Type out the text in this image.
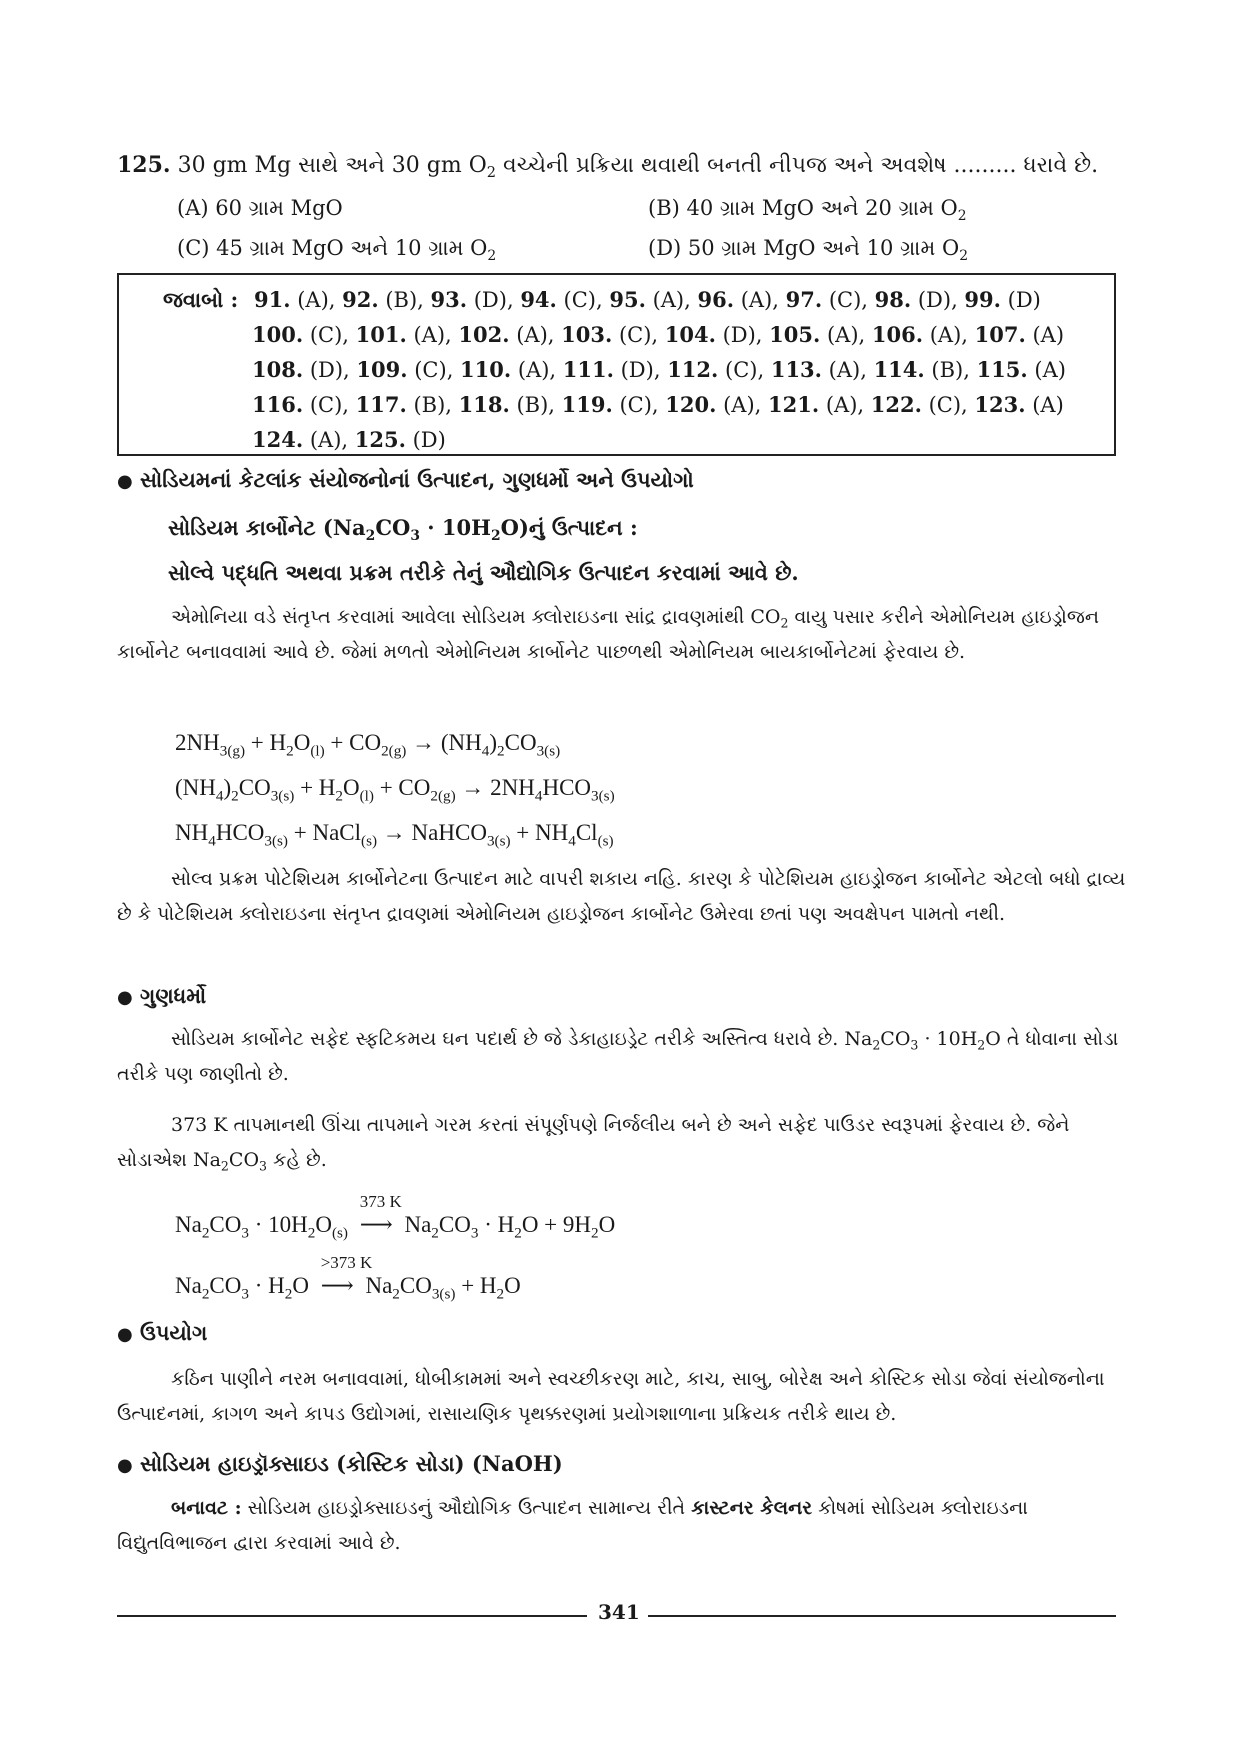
125. 30 gm Mg સાથે અને 30 gm $O_2$ વચ્ચેની પ્રક્રિયા થવાથી બનતી નીપજ અને અવશેષ ......... ધરાવે છે.
(A) 60 ગ્રામ MgO	(B) 40 ગ્રામ MgO અને 20 ગ્રામ $O_2$
(C) 45 ગ્રામ MgO અને 10 ગ્રામ $O_2$	(D) 50 ગ્રામ MgO અને 10 ગ્રામ $O_2$
જવાબો : 91. (A), 92. (B), 93. (D), 94. (C), 95. (A), 96. (A), 97. (C), 98. (D), 99. (D)
100. (C), 101. (A), 102. (A), 103. (C), 104. (D), 105. (A), 106. (A), 107. (A)
108. (D), 109. (C), 110. (A), 111. (D), 112. (C), 113. (A), 114. (B), 115. (A)
116. (C), 117. (B), 118. (B), 119. (C), 120. (A), 121. (A), 122. (C), 123. (A)
124. (A), 125. (D)
● સોડિયમનાં કેટલાંક સંયોજનોનાં ઉત્પાદન, ગુણધર્મો અને ઉપયોગો
સોડિયમ કાર્બોનેટ ($Na_2CO_3$ · $10H_2O)નું$ ઉત્પાદન :
સોલ્વે પદ્ધતિ અથવા પ્રક્રમ તરીકે તેનું ઔદ્યોગિક ઉત્પાદન કરવામાં આવે છે.
એમોનિયા વડે સંતૃપ્ત કરવામાં આવેલા સોડિયમ ક્લોરાઇડના સાંદ્ર દ્રાવણમાંથી $CO_2$ વાયુ પસાર કરીને એમોનિયમ હાઇડ્રોજન કાર્બોનેટ બનાવવામાં આવે છે. જેમાં મળતો એમોનિયમ કાર્બોનેટ પાછળથી એમોનિયમ બાયકાર્બોનેટમાં ફેરવાય છે.
$2NH_{3(g)} + H_2O_{(l)} + CO_{2(g)} \to (NH_4)_2CO_{3(s)}$
$(NH_4)_2CO_{3(s)} + H_2O_{(l)} + CO_{2(g)} \to 2NH_4HCO_{3(s)}$
$NH_4HCO_{3(s)}$ + NaCl$_{(s)}$ → NaHCO$_{3(s)}$ + $NH_4Cl_{(s)}$
સોલ્વ પ્રક્રમ પોટેશિયમ કાર્બોનેટના ઉત્પાદન માટે વાપરી શકાય નહિ. કારણ કે પોટેશિયમ હાઇડ્રોજન કાર્બોનેટ એટલો બધો દ્રાવ્ય છે કે પોટેશિયમ ક્લોરાઇડના સંતૃપ્ત દ્રાવણમાં એમોનિયમ હાઇડ્રોજન કાર્બોનેટ ઉમેરવા છતાં પણ અવક્ષેપન પામતો નથી.
● ગુણધર્મો
સોડિયમ કાર્બોનેટ સફેદ સ્ફટિકમય ઘન પદાર્થ છે જે ડેકાહાઇડ્રેટ તરીકે અસ્તિત્વ ધરાવે છે. $Na_2CO_3 \cdot 10H_2O$ તે ધોવાના સોડા તરીકે પણ જાણીતો છે.
373 K તાપમાનથી ઊંચા તાપમાને ગરમ કરતાં સંપૂર્ણપણે નિર્જલીય બને છે અને સફેદ પાઉડર સ્વરૂપમાં ફેરવાય છે. જેને સોડાએશ $Na_2CO_3$ કહે છે.
$Na_2CO_3 \cdot 10H_2O_{(s)}$
373 K
⟶ $Na_2CO_3 \cdot H_2O + 9H_2O$
$Na_2CO_3 \cdot H_2O$
>373 K
⟶ $Na_2CO_{3(s)} + H_2O$
● ઉપયોગ
કઠિન પાણીને નરમ બનાવવામાં, ધોબીકામમાં અને સ્વચ્છીકરણ માટે, કાચ, સાબુ, બોરેક્ષ અને કોસ્ટિક સોડા જેવાં સંયોજનોના ઉત્પાદનમાં, કાગળ અને કાપડ ઉદ્યોગમાં, રાસાયણિક પૃથક્કરણમાં પ્રયોગશાળાના પ્રક્રિયક તરીકે થાય છે.
● સોડિયમ હાઇડ્રૉક્સાઇડ (કોસ્ટિક સોડા) (NaOH)
બનાવટ : સોડિયમ હાઇડ્રોક્સાઇડનું ઔદ્યોગિક ઉત્પાદન સામાન્ય રીતે કાસ્ટનર કેલનર કોષમાં સોડિયમ ક્લોરાઇડના વિદ્યુતવિભાજન દ્વારા કરવામાં આવે છે.
341
